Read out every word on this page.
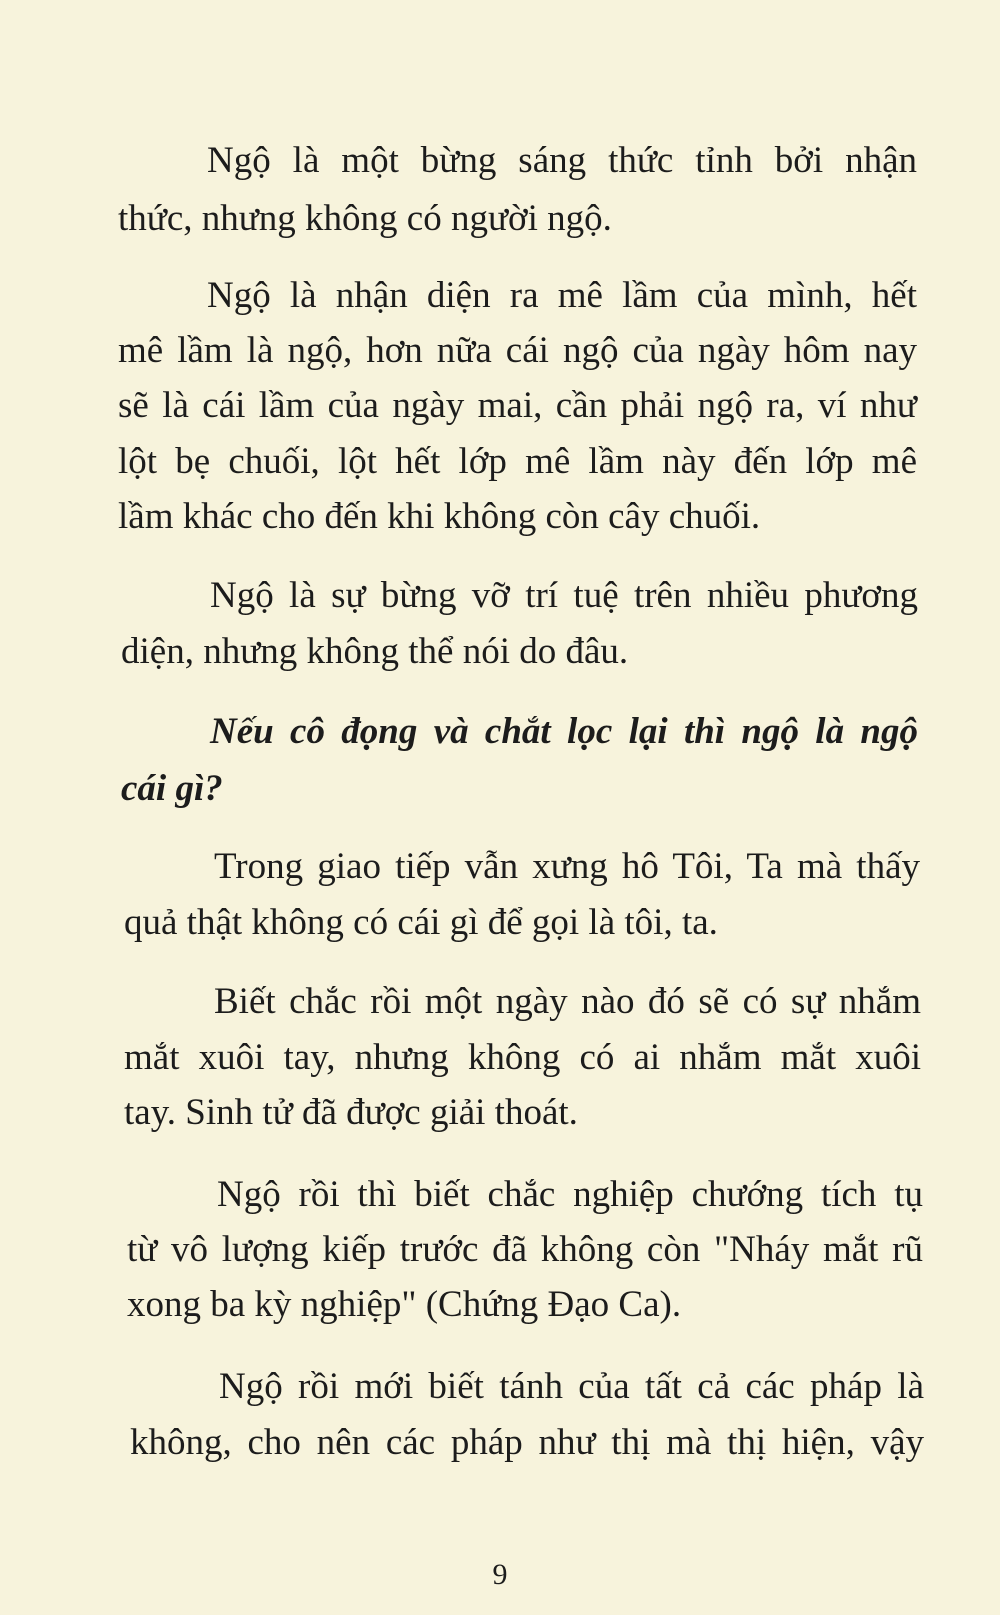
Ngộ là một bừng sáng thức tỉnh bởi nhận
thức, nhưng không có người ngộ.
Ngộ là nhận diện ra mê lầm của mình, hết
mê lầm là ngộ, hơn nữa cái ngộ của ngày hôm nay
sẽ là cái lầm của ngày mai, cần phải ngộ ra, ví như
lột bẹ chuối, lột hết lớp mê lầm này đến lớp mê
lầm khác cho đến khi không còn cây chuối.
Ngộ là sự bừng vỡ trí tuệ trên nhiều phương
diện, nhưng không thể nói do đâu.
Nếu cô đọng và chắt lọc lại thì ngộ là ngộ
cái gì?
Trong giao tiếp vẫn xưng hô Tôi, Ta mà thấy
quả thật không có cái gì để gọi là tôi, ta.
Biết chắc rồi một ngày nào đó sẽ có sự nhắm
mắt xuôi tay, nhưng không có ai nhắm mắt xuôi
tay. Sinh tử đã được giải thoát.
Ngộ rồi thì biết chắc nghiệp chướng tích tụ
từ vô lượng kiếp trước đã không còn "Nháy mắt rũ
xong ba kỳ nghiệp" (Chứng Đạo Ca).
Ngộ rồi mới biết tánh của tất cả các pháp là
không, cho nên các pháp như thị mà thị hiện, vậy
9
